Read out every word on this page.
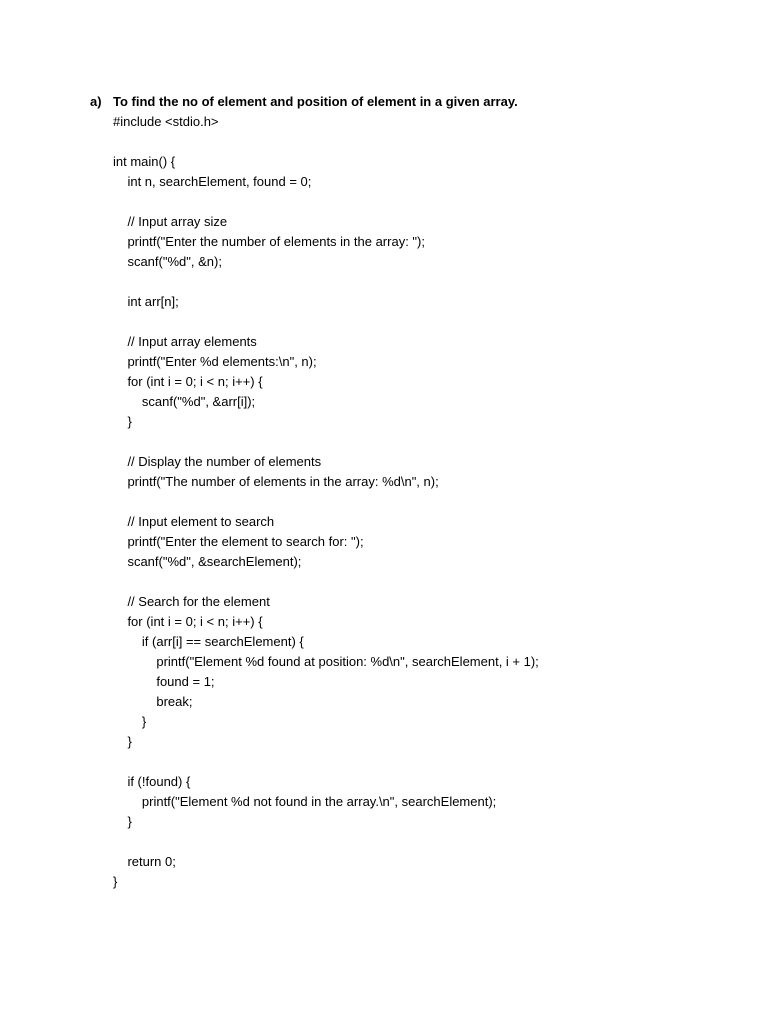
a) To find the no of element and position of element in a given array.
#include <stdio.h>
int main() {
int n, searchElement, found = 0;
// Input array size
printf("Enter the number of elements in the array: ");
scanf("%d", &n);
int arr[n];
// Input array elements
printf("Enter %d elements:\n", n);
for (int i = 0; i < n; i++) {
scanf("%d", &arr[i]);
}
// Display the number of elements
printf("The number of elements in the array: %d\n", n);
// Input element to search
printf("Enter the element to search for: ");
scanf("%d", &searchElement);
// Search for the element
for (int i = 0; i < n; i++) {
if (arr[i] == searchElement) {
printf("Element %d found at position: %d\n", searchElement, i + 1);
found = 1;
break;
}
}
if (!found) {
printf("Element %d not found in the array.\n", searchElement);
}
return 0;
}
